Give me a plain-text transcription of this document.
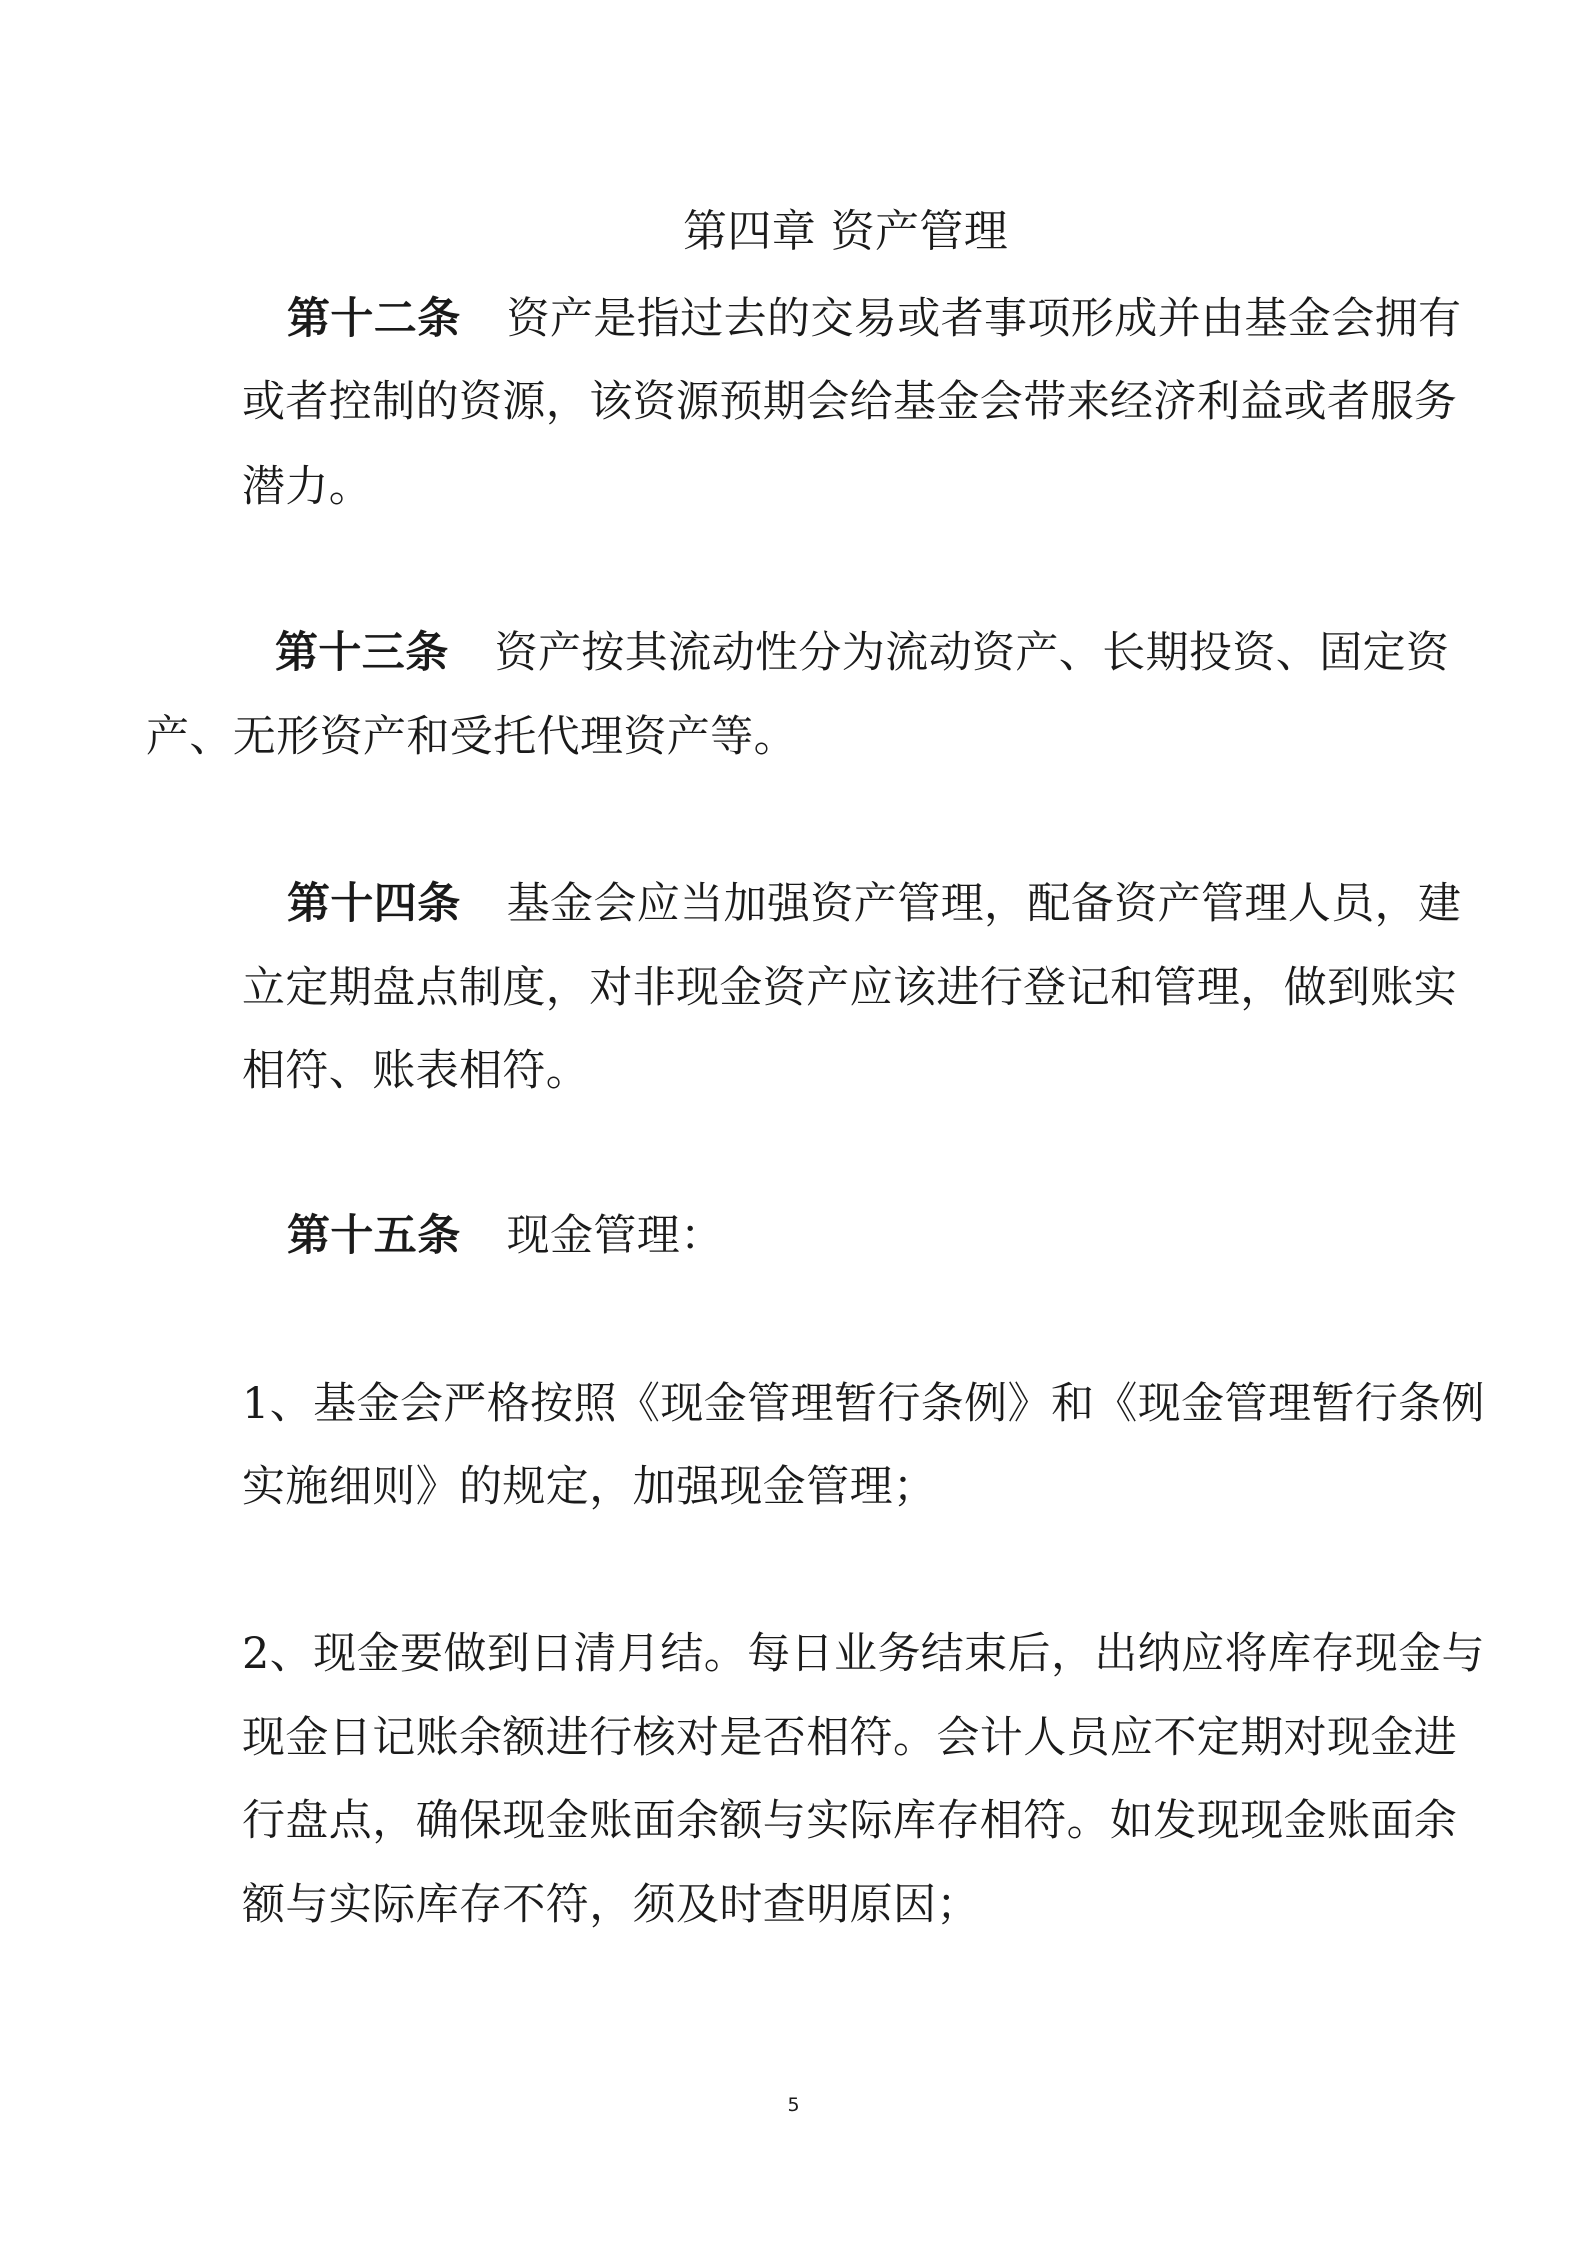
第四章 资产管理
第十二条 资产是指过去的交易或者事项形成并由基金会拥有
或者控制的资源，该资源预期会给基金会带来经济利益或者服务
潜力。
第十三条 资产按其流动性分为流动资产、长期投资、固定资
产、无形资产和受托代理资产等。
第十四条 基金会应当加强资产管理，配备资产管理人员，建
立定期盘点制度，对非现金资产应该进行登记和管理，做到账实
相符、账表相符。
第十五条 现金管理：
1、基金会严格按照《现金管理暂行条例》和《现金管理暂行条例
实施细则》的规定，加强现金管理；
2、现金要做到日清月结。每日业务结束后，出纳应将库存现金与
现金日记账余额进行核对是否相符。会计人员应不定期对现金进
行盘点，确保现金账面余额与实际库存相符。如发现现金账面余
额与实际库存不符，须及时查明原因；
5
